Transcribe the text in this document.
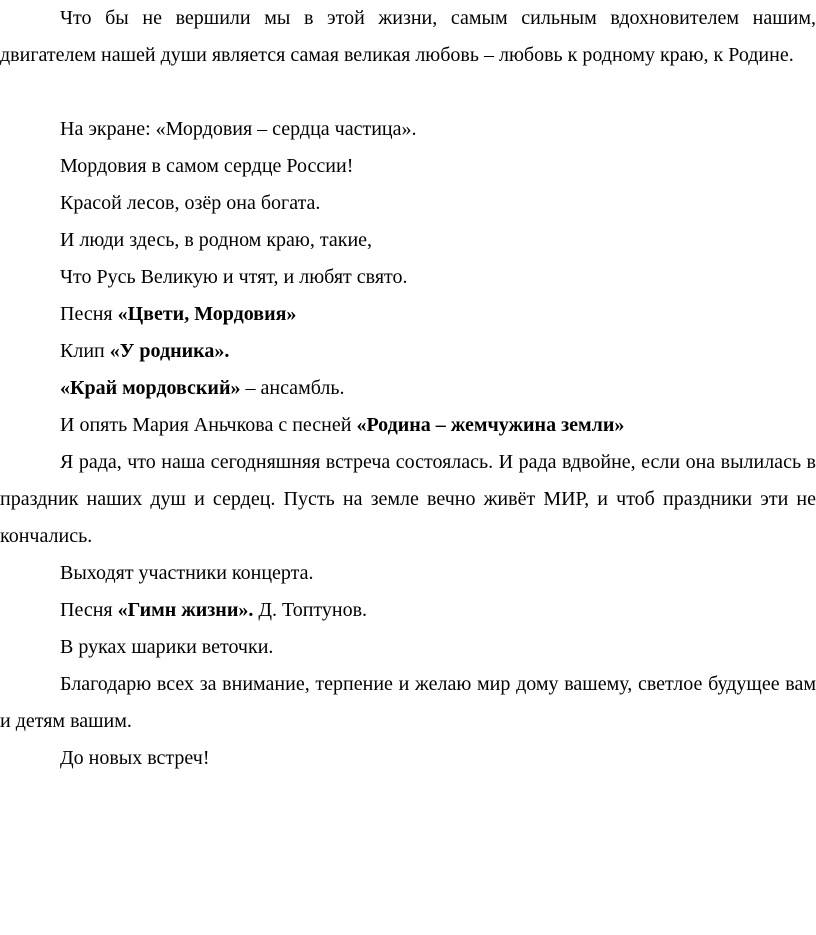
Что бы не вершили мы в этой жизни, самым сильным вдохновителем нашим, двигателем нашей души является самая великая любовь – любовь к родному краю, к Родине.

На экране: «Мордовия – сердца частица».

Мордовия в самом сердце России!

Красой лесов, озёр она богата.

И люди здесь, в родном краю, такие,

Что Русь Великую и чтят, и любят свято.

Песня «Цвети, Мордовия»

Клип «У родника».

«Край мордовский» – ансамбль.

И опять Мария Аньчкова с песней «Родина – жемчужина земли»

Я рада, что наша сегодняшняя встреча состоялась. И рада вдвойне, если она вылилась в праздник наших душ и сердец. Пусть на земле вечно живёт МИР, и чтоб праздники эти не кончались.

Выходят участники концерта.

Песня «Гимн жизни». Д. Топтунов.

В руках шарики веточки.

Благодарю всех за внимание, терпение и желаю мир дому вашему, светлое будущее вам и детям вашим.

До новых встреч!
